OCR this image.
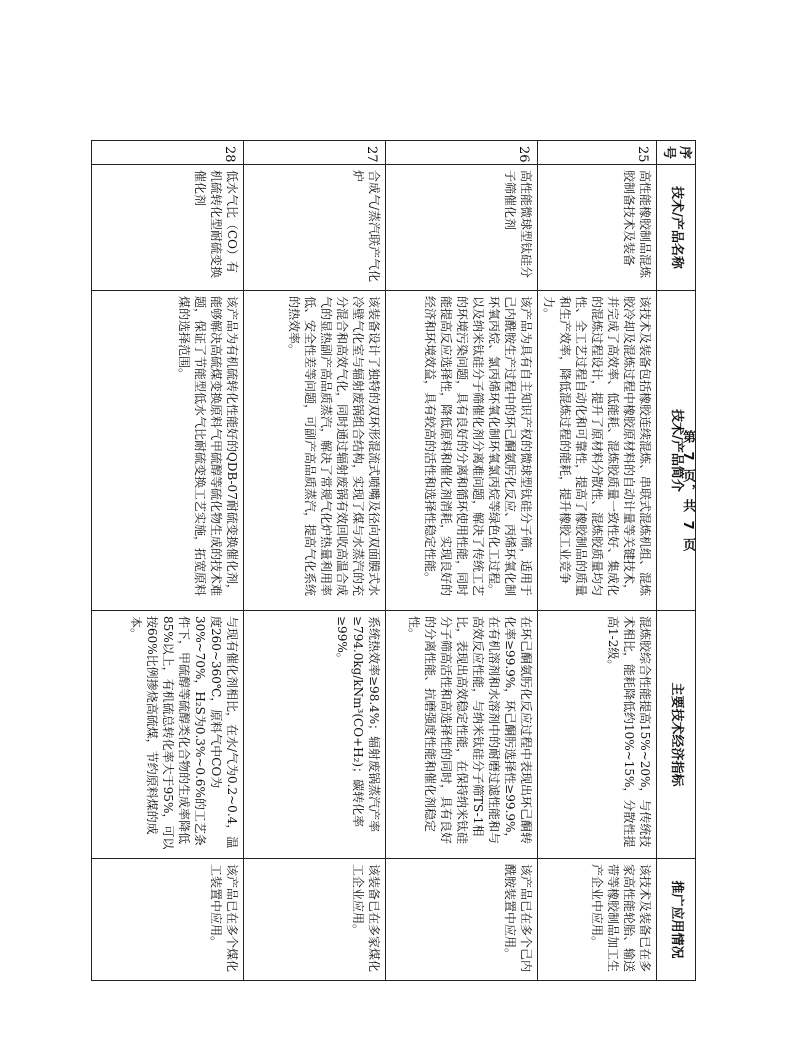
序号	技术/产品名称	技术/产品简介	主要技术经济指标	推广应用情况
25	高性能橡胶制品混炼胶制备技术及装备	该技术及装备包括橡胶连续混炼、串联式混炼机组、混炼胶冷却及混炼过程中橡胶原材料的自动计量等关键技术，并完成了高效率、低能耗、混炼胶质量一致性好、集成化的混炼过程设计，提升了原材料分散性、混炼胶质量均匀性、全工艺过程自动化和可靠性，提高了橡胶制品的质量和生产效率，降低混炼过程的能耗，提升橡胶工业竞争力。	混炼胶综合性能提高15%~20%，与传统技术相比，能耗降低约10%~15%，分散性提高1-2级。	该技术及装备已在多家高性能轮胎、输送带等橡胶制品加工生产企业中应用。
26	高性能微球型钛硅分子筛催化剂	该产品为具有自主知识产权的微球型钛硅分子筛，适用于己内酰胺生产过程中的环己酮氨肟化反应、丙烯环氧化制环氧丙烷、氯丙烯环氧化制环氧氯丙烷等绿色化工过程。以及纳米钛硅分子筛催化剂分离难问题，解决了传统工艺的环境污染问题，具有良好的分离和循环使用性能，同时能提高反应选择性，降低原料和催化剂消耗，实现良好的经济和环境效益，具有较高的活性和选择性稳定性能。	在环己酮氨肟化反应过程中表现出环己酮转化率≥99.9%，环己酮肟选择性≥99.9%，在有机溶剂和水溶剂中的耐磨过滤性能和与高效反应性能，与纳米钛硅分子筛TS-1相比，表现出高效稳定性能，在保持纳米钛硅分子筛高活性和高选择性的同时，具有良好的分离性能、抗磨强度性能和催化剂稳定性。	该产品已在多个己内酰胺装置中应用。
27	合成气/蒸汽联产气化炉	该装备设计了独特的双环形混流式喷嘴及径向双面膜式水冷壁气化室与辐射废锅组合结构，实现了煤与水蒸汽的充分混合和高效气化，同时通过辐射废锅有效回收高温合成气的显热副产高品质蒸汽，解决了常规气化炉热量利用率低、安全性差等问题，可副产高品质蒸汽，提高气化系统的热效率。	系统热效率≥98.4%；辐射废锅蒸汽产率≥794.0kg/kNm³(CO+H₂)；碳转化率≥99%。	该装备已在多家煤化工企业应用。
28	低水气比（CO）有机硫转化型耐硫变换催化剂	该产品为有机硫转化性能好的QDB-07耐硫变换催化剂，能够解决高硫煤变换原料气甲硫醇等硫化物生成的技术难题，保证了节能型低水气比耐硫变换工艺实施，拓宽原料煤的选择范围。	与现有催化剂相比，在水/气为0.2~0.4，温度260~360℃，原料气中CO为30%~70%，H₂S为0.3%~0.6%的工艺条件下，甲硫醇等硫醇类化合物的生成率降低85%以上，有机硫总转化率大于95%，可以按60%比例掺烧高硫煤，节约原料煤的成本。	该产品已在多个煤化工装置中应用。
第 7 页，共 7 页
